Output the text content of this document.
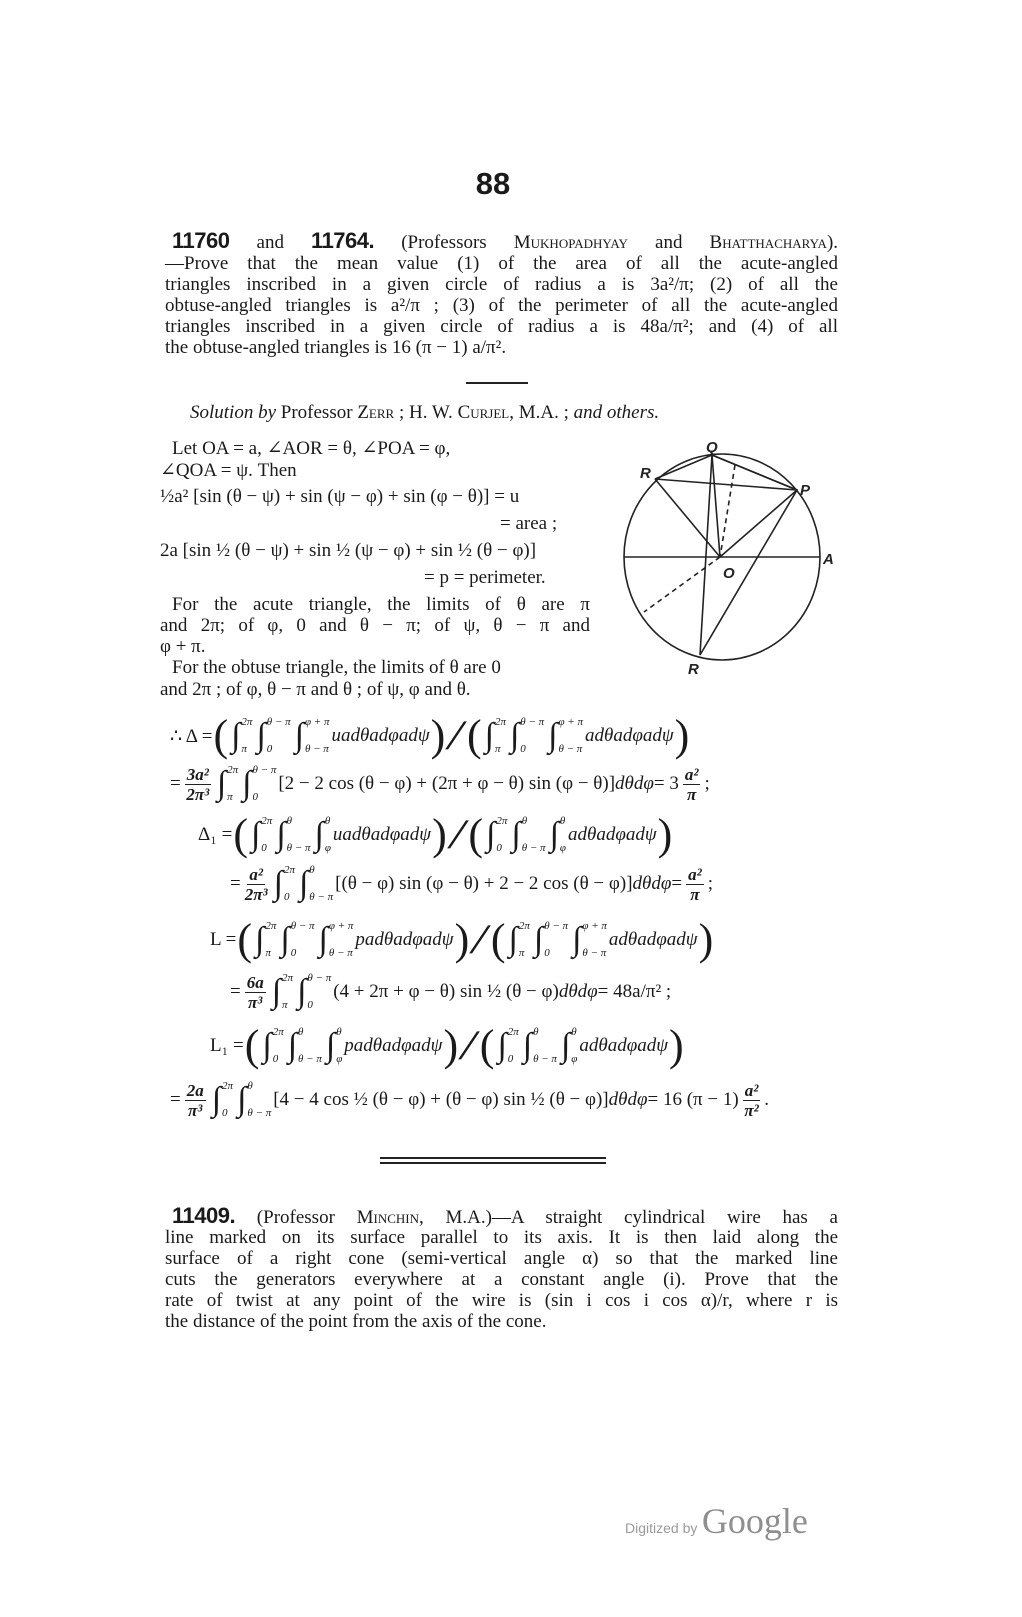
88
11760 and 11764. (Professors Mukhopadhyay and Bhatthacharya).
—Prove that the mean value (1) of the area of all the acute-angled
triangles inscribed in a given circle of radius a is 3a²/π; (2) of all the
obtuse-angled triangles is a²/π ; (3) of the perimeter of all the acute-angled
triangles inscribed in a given circle of radius a is 48a/π²; and (4) of all
the obtuse-angled triangles is 16 (π − 1) a/π².
Solution by Professor Zerr ; H. W. Curjel, M.A. ; and others.
Let OA = a, ∠AOR = θ, ∠POA = φ,
∠QOA = ψ. Then
½a² [sin (θ − ψ) + sin (ψ − φ) + sin (φ − θ)] = u
= area ;
2a [sin ½ (θ − ψ) + sin ½ (ψ − φ) + sin ½ (θ − φ)]
= p = perimeter.
For the acute triangle, the limits of θ are π
and 2π; of φ, 0 and θ − π; of ψ, θ − π and
φ + π.
For the obtuse triangle, the limits of θ are 0
and 2π ; of φ, θ − π and θ ; of ψ, φ and θ.
Q
R
P
A
O
R
∴ Δ = ( ∫ 2π
π ∫ θ − π
0 ∫ φ + π
θ − π
uadθadφadψ )
/
( ∫ 2π
π ∫ θ − π
0 ∫ φ + π
θ − π
adθadφadψ )
= $\frac{\text{3a²}}{\text{2π³}}$ ∫ 2π
π ∫ θ − π
0
[2 − 2 cos (θ − φ) + (2π + φ − θ) sin (φ − θ)] $d\theta d\varphi = 3 \frac{\text{a²}}{\pi}$ ;
Δ₁ = ( ∫ 2π
0 ∫ θ
θ − π ∫ θ
φ
uadθadφadψ )
/
( ∫ 2π
0 ∫ θ
θ − π ∫ θ
φ
adθadφadψ )
= $\frac{\text{a²}}{\text{2π³}}$ ∫ 2π
0 ∫ θ
θ − π
[(θ − φ) sin (φ − θ) + 2 − 2 cos (θ − φ)] $d\theta d\varphi = \frac{\text{a²}}{\pi}$ ;
L = ( ∫ 2π
π ∫ θ − π
0 ∫ φ + π
θ − π
padθadφadψ )
/
( ∫ 2π
π ∫ θ − π
0 ∫ φ + π
θ − π
adθadφadψ )
= $\frac{6a}{\text{π³}}$ ∫ 2π
π ∫ θ − π
0
(4 + 2π + φ − θ) sin ½ (θ − φ) dθdφ = 48a/π² ;
L₁ = ( ∫ 2π
0 ∫ θ
θ − π ∫ θ
φ
padθadφadψ )
/
( ∫ 2π
0 ∫ θ
θ − π ∫ θ
φ
adθadφadψ )
= $\frac{2a}{\text{π³}}$ ∫ 2π
0 ∫ θ
θ − π
[4 − 4 cos ½ (θ − φ) + (θ − φ) sin ½ (θ − φ)] dθdφ = 16 $(\pi - 1) \frac{\text{a²}}{\text{π²}}$ .
11409. (Professor Minchin, M.A.)—A straight cylindrical wire has a
line marked on its surface parallel to its axis. It is then laid along the
surface of a right cone (semi-vertical angle α) so that the marked line
cuts the generators everywhere at a constant angle (i). Prove that the
rate of twist at any point of the wire is (sin i cos i cos α)/r, where r is
the distance of the point from the axis of the cone.
Digitized by Google
